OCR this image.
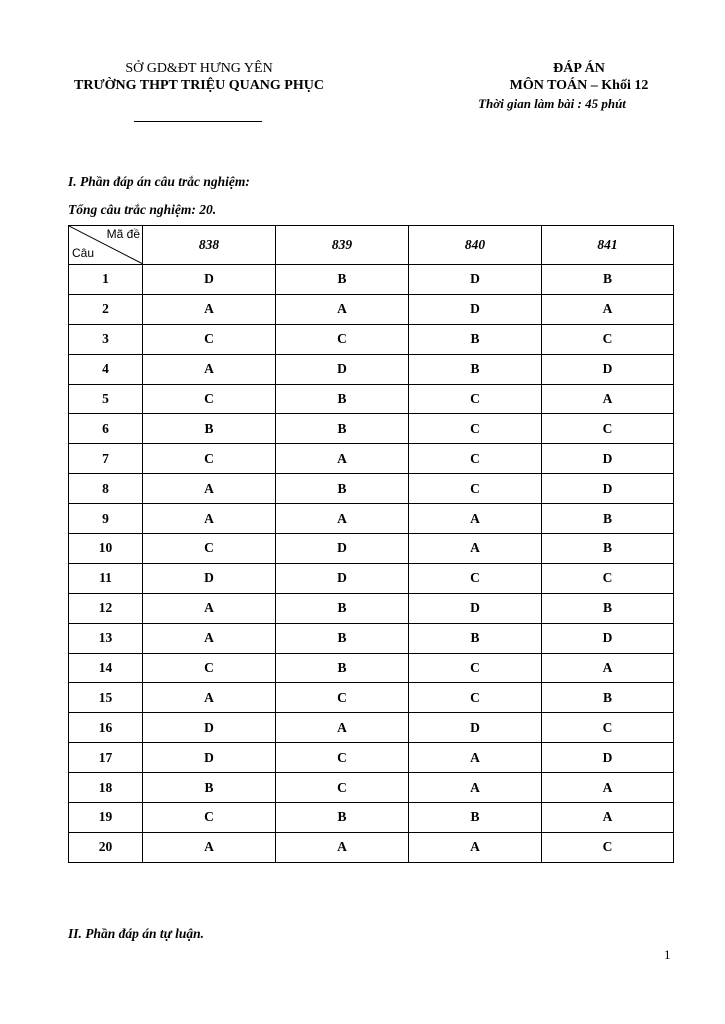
SỞ GD&ĐT HƯNG YÊN
TRƯỜNG THPT TRIỆU QUANG PHỤC
ĐÁP ÁN
MÔN TOÁN – Khối 12
Thời gian làm bài : 45 phút
I. Phần đáp án câu trắc nghiệm:
Tổng câu trắc nghiệm: 20.
Mã đề
Câu	838	839	840	841
1	D	B	D	B
2	A	A	D	A
3	C	C	B	C
4	A	D	B	D
5	C	B	C	A
6	B	B	C	C
7	C	A	C	D
8	A	B	C	D
9	A	A	A	B
10	C	D	A	B
11	D	D	C	C
12	A	B	D	B
13	A	B	B	D
14	C	B	C	A
15	A	C	C	B
16	D	A	D	C
17	D	C	A	D
18	B	C	A	A
19	C	B	B	A
20	A	A	A	C
II. Phần đáp án tự luận.
1
